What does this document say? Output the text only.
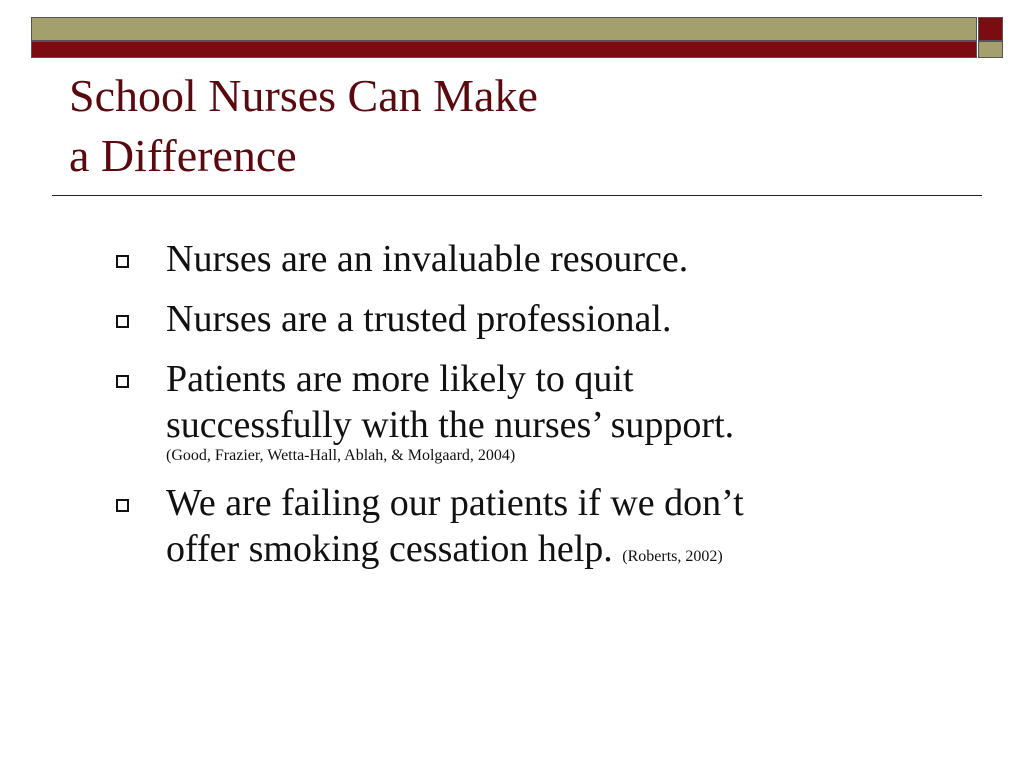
School Nurses Can Make
a Difference
Nurses are an invaluable resource.
Nurses are a trusted professional.
Patients are more likely to quit
successfully with the nurses’ support.
(Good, Frazier, Wetta-Hall, Ablah, & Molgaard, 2004)
We are failing our patients if we don’t
offer smoking cessation help. (Roberts, 2002)
